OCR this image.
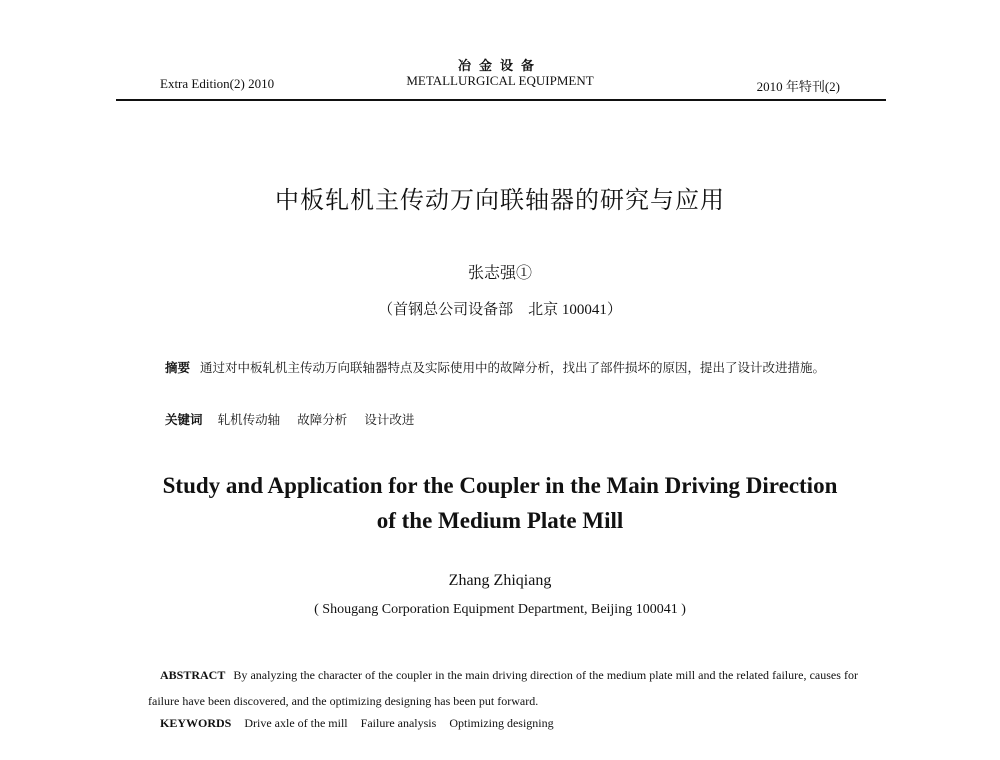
Extra Edition(2) 2010
冶金设备
METALLURGICAL EQUIPMENT	2010 年特刊(2)
中板轧机主传动万向联轴器的研究与应用
张志强①
（首钢总公司设备部　北京 100041）
摘要 通过对中板轧机主传动万向联轴器特点及实际使用中的故障分析，找出了部件损坏的原因，提出了设计改进措施。
关键词 轧机传动轴 故障分析 设计改进
Study and Application for the Coupler in the Main Driving Direction
of the Medium Plate Mill
Zhang Zhiqiang
( Shougang Corporation Equipment Department, Beijing 100041 )
ABSTRACT By analyzing the character of the coupler in the main driving direction of the medium plate mill and the related failure, causes for failure have been discovered, and the optimizing designing has been put forward.
KEYWORDS Drive axle of the mill Failure analysis Optimizing designing
